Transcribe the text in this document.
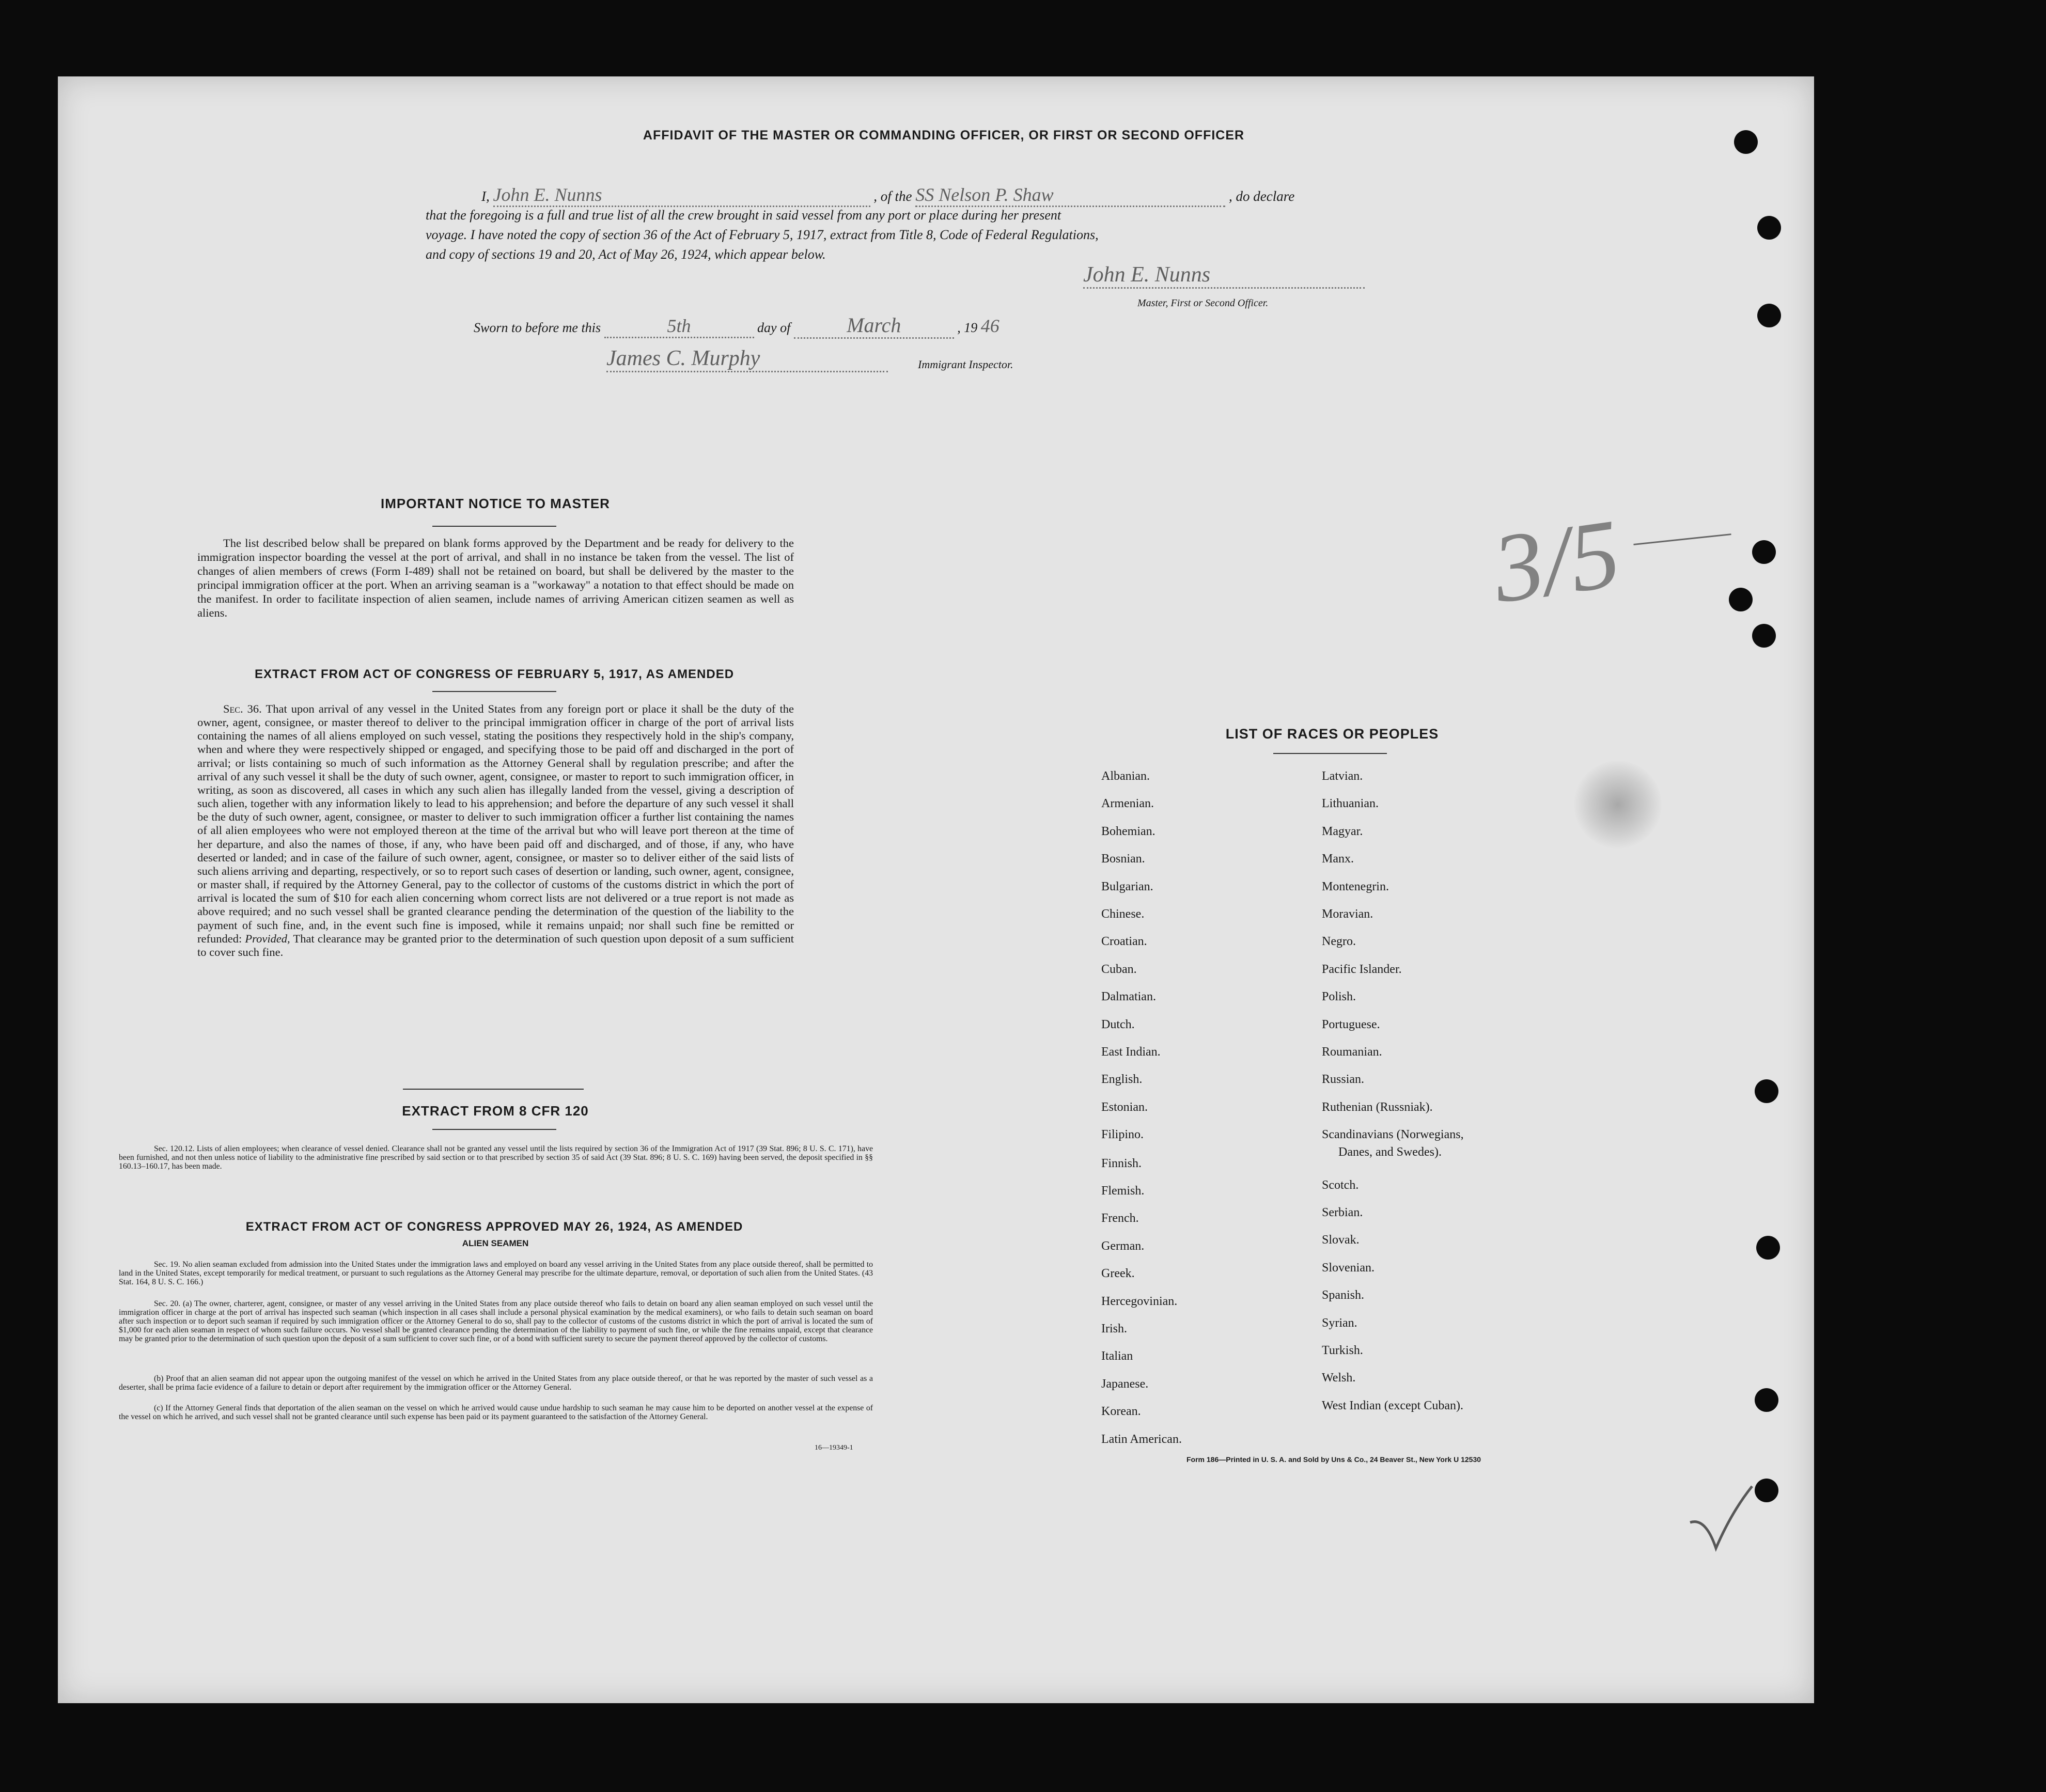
AFFIDAVIT OF THE MASTER OR COMMANDING OFFICER, OR FIRST OR SECOND OFFICER
I, John E. Nunns	, of the SS Nelson P. Shaw	, do declare
that the foregoing is a full and true list of all the crew brought in said vessel from any port or place during her present
voyage. I have noted the copy of section 36 of the Act of February 5, 1917, extract from Title 8, Code of Federal Regulations,
and copy of sections 19 and 20, Act of May 26, 1924, which appear below.
John E. Nunns
Master, First or Second Officer.
Sworn to before me this	5th	day of	March	, 19 46
James C. Murphy	Immigrant Inspector.
3/5
IMPORTANT NOTICE TO MASTER
The list described below shall be prepared on blank forms approved by the Department and be ready for delivery to the immigration inspector boarding the vessel at the port of arrival, and shall in no instance be taken from the vessel. The list of changes of alien members of crews (Form I-489) shall not be retained on board, but shall be delivered by the master to the principal immigration officer at the port. When an arriving seaman is a "workaway" a notation to that effect should be made on the manifest. In order to facilitate inspection of alien seamen, include names of arriving American citizen seamen as well as aliens.
EXTRACT FROM ACT OF CONGRESS OF FEBRUARY 5, 1917, AS AMENDED
Sec. 36. That upon arrival of any vessel in the United States from any foreign port or place it shall be the duty of the owner, agent, consignee, or master thereof to deliver to the principal immigration officer in charge of the port of arrival lists containing the names of all aliens employed on such vessel, stating the positions they respectively hold in the ship's company, when and where they were respectively shipped or engaged, and specifying those to be paid off and discharged in the port of arrival; or lists containing so much of such information as the Attorney General shall by regulation prescribe; and after the arrival of any such vessel it shall be the duty of such owner, agent, consignee, or master to report to such immigration officer, in writing, as soon as discovered, all cases in which any such alien has illegally landed from the vessel, giving a description of such alien, together with any information likely to lead to his apprehension; and before the departure of any such vessel it shall be the duty of such owner, agent, consignee, or master to deliver to such immigration officer a further list containing the names of all alien employees who were not employed thereon at the time of the arrival but who will leave port thereon at the time of her departure, and also the names of those, if any, who have been paid off and discharged, and of those, if any, who have deserted or landed; and in case of the failure of such owner, agent, consignee, or master so to deliver either of the said lists of such aliens arriving and departing, respectively, or so to report such cases of desertion or landing, such owner, agent, consignee, or master shall, if required by the Attorney General, pay to the collector of customs of the customs district in which the port of arrival is located the sum of $10 for each alien concerning whom correct lists are not delivered or a true report is not made as above required; and no such vessel shall be granted clearance pending the determination of the question of the liability to the payment of such fine, and, in the event such fine is imposed, while it remains unpaid; nor shall such fine be remitted or refunded: Provided, That clearance may be granted prior to the determination of such question upon deposit of a sum sufficient to cover such fine.
EXTRACT FROM 8 CFR 120
Sec. 120.12. Lists of alien employees; when clearance of vessel denied. Clearance shall not be granted any vessel until the lists required by section 36 of the Immigration Act of 1917 (39 Stat. 896; 8 U. S. C. 171), have been furnished, and not then unless notice of liability to the administrative fine prescribed by said section or to that prescribed by section 35 of said Act (39 Stat. 896; 8 U. S. C. 169) having been served, the deposit specified in §§ 160.13–160.17, has been made.
EXTRACT FROM ACT OF CONGRESS APPROVED MAY 26, 1924, AS AMENDED
ALIEN SEAMEN
Sec. 19. No alien seaman excluded from admission into the United States under the immigration laws and employed on board any vessel arriving in the United States from any place outside thereof, shall be permitted to land in the United States, except temporarily for medical treatment, or pursuant to such regulations as the Attorney General may prescribe for the ultimate departure, removal, or deportation of such alien from the United States. (43 Stat. 164, 8 U. S. C. 166.)
Sec. 20. (a) The owner, charterer, agent, consignee, or master of any vessel arriving in the United States from any place outside thereof who fails to detain on board any alien seaman employed on such vessel until the immigration officer in charge at the port of arrival has inspected such seaman (which inspection in all cases shall include a personal physical examination by the medical examiners), or who fails to detain such seaman on board after such inspection or to deport such seaman if required by such immigration officer or the Attorney General to do so, shall pay to the collector of customs of the customs district in which the port of arrival is located the sum of $1,000 for each alien seaman in respect of whom such failure occurs. No vessel shall be granted clearance pending the determination of the liability to payment of such fine, or while the fine remains unpaid, except that clearance may be granted prior to the determination of such question upon the deposit of a sum sufficient to cover such fine, or of a bond with sufficient surety to secure the payment thereof approved by the collector of customs.
(b) Proof that an alien seaman did not appear upon the outgoing manifest of the vessel on which he arrived in the United States from any place outside thereof, or that he was reported by the master of such vessel as a deserter, shall be prima facie evidence of a failure to detain or deport after requirement by the immigration officer or the Attorney General.
(c) If the Attorney General finds that deportation of the alien seaman on the vessel on which he arrived would cause undue hardship to such seaman he may cause him to be deported on another vessel at the expense of the vessel on which he arrived, and such vessel shall not be granted clearance until such expense has been paid or its payment guaranteed to the satisfaction of the Attorney General.
16—19349-1
LIST OF RACES OR PEOPLES
Albanian.
Armenian.
Bohemian.
Bosnian.
Bulgarian.
Chinese.
Croatian.
Cuban.
Dalmatian.
Dutch.
East Indian.
English.
Estonian.
Filipino.
Finnish.
Flemish.
French.
German.
Greek.
Hercegovinian.
Irish.
Italian
Japanese.
Korean.
Latin American.
Latvian.
Lithuanian.
Magyar.
Manx.
Montenegrin.
Moravian.
Negro.
Pacific Islander.
Polish.
Portuguese.
Roumanian.
Russian.
Ruthenian (Russniak).
Scandinavians (Norwegians,
Danes, and Swedes).
Scotch.
Serbian.
Slovak.
Slovenian.
Spanish.
Syrian.
Turkish.
Welsh.
West Indian (except Cuban).
Form 186—Printed in U. S. A. and Sold by Uns & Co., 24 Beaver St., New York U 12530
